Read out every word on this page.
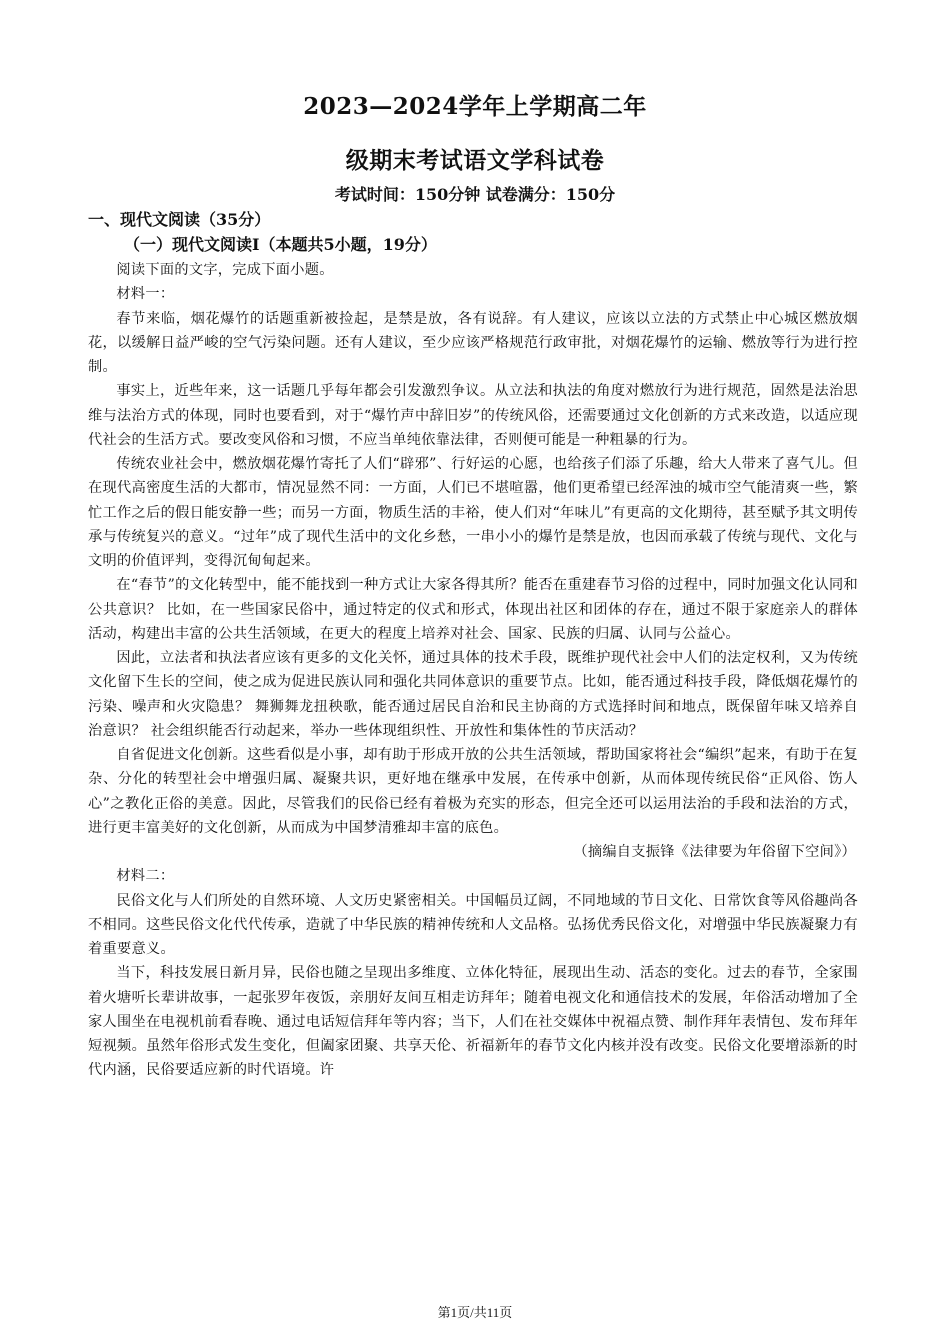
2023—2024学年上学期高二年
级期末考试语文学科试卷
考试时间：150分钟 试卷满分：150分
一、现代文阅读（35分）
（一）现代文阅读Ⅰ（本题共5小题，19分）

阅读下面的文字，完成下面小题。

材料一：

春节来临，烟花爆竹的话题重新被捡起，是禁是放，各有说辞。有人建议，应该以立法的方式禁止中心城区燃放烟花，以缓解日益严峻的空气污染问题。还有人建议，至少应该严格规范行政审批，对烟花爆竹的运输、燃放等行为进行控制。

事实上，近些年来，这一话题几乎每年都会引发激烈争议。从立法和执法的角度对燃放行为进行规范，固然是法治思维与法治方式的体现，同时也要看到，对于“爆竹声中辞旧岁”的传统风俗，还需要通过文化创新的方式来改造，以适应现代社会的生活方式。要改变风俗和习惯，不应当单纯依靠法律，否则便可能是一种粗暴的行为。

传统农业社会中，燃放烟花爆竹寄托了人们“辟邪”、行好运的心愿，也给孩子们添了乐趣，给大人带来了喜气儿。但在现代高密度生活的大都市，情况显然不同：一方面，人们已不堪喧嚣，他们更希望已经浑浊的城市空气能清爽一些，繁忙工作之后的假日能安静一些；而另一方面，物质生活的丰裕，使人们对“年味儿”有更高的文化期待，甚至赋予其文明传承与传统复兴的意义。“过年”成了现代生活中的文化乡愁，一串小小的爆竹是禁是放，也因而承载了传统与现代、文化与文明的价值评判，变得沉甸甸起来。

在“春节”的文化转型中，能不能找到一种方式让大家各得其所？能否在重建春节习俗的过程中，同时加强文化认同和公共意识？ 比如，在一些国家民俗中，通过特定的仪式和形式，体现出社区和团体的存在，通过不限于家庭亲人的群体活动，构建出丰富的公共生活领域，在更大的程度上培养对社会、国家、民族的归属、认同与公益心。

因此，立法者和执法者应该有更多的文化关怀，通过具体的技术手段，既维护现代社会中人们的法定权利，又为传统文化留下生长的空间，使之成为促进民族认同和强化共同体意识的重要节点。比如，能否通过科技手段，降低烟花爆竹的污染、噪声和火灾隐患？ 舞狮舞龙扭秧歌，能否通过居民自治和民主协商的方式选择时间和地点，既保留年味又培养自治意识？ 社会组织能否行动起来，举办一些体现组织性、开放性和集体性的节庆活动？

自省促进文化创新。这些看似是小事，却有助于形成开放的公共生活领域，帮助国家将社会“编织”起来，有助于在复杂、分化的转型社会中增强归属、凝聚共识，更好地在继承中发展，在传承中创新，从而体现传统民俗“正风俗、饬人心”之教化正俗的美意。因此，尽管我们的民俗已经有着极为充实的形态，但完全还可以运用法治的手段和法治的方式，进行更丰富美好的文化创新，从而成为中国梦清雅却丰富的底色。

（摘编自支振锋《法律要为年俗留下空间》）

材料二：

民俗文化与人们所处的自然环境、人文历史紧密相关。中国幅员辽阔，不同地域的节日文化、日常饮食等风俗趣尚各不相同。这些民俗文化代代传承，造就了中华民族的精神传统和人文品格。弘扬优秀民俗文化，对增强中华民族凝聚力有着重要意义。

当下，科技发展日新月异，民俗也随之呈现出多维度、立体化特征，展现出生动、活态的变化。过去的春节，全家围着火塘听长辈讲故事，一起张罗年夜饭，亲朋好友间互相走访拜年；随着电视文化和通信技术的发展，年俗活动增加了全家人围坐在电视机前看春晚、通过电话短信拜年等内容；当下，人们在社交媒体中祝福点赞、制作拜年表情包、发布拜年短视频。虽然年俗形式发生变化，但阖家团聚、共享天伦、祈福新年的春节文化内核并没有改变。民俗文化要增添新的时代内涵，民俗要适应新的时代语境。许

第1页/共11页
